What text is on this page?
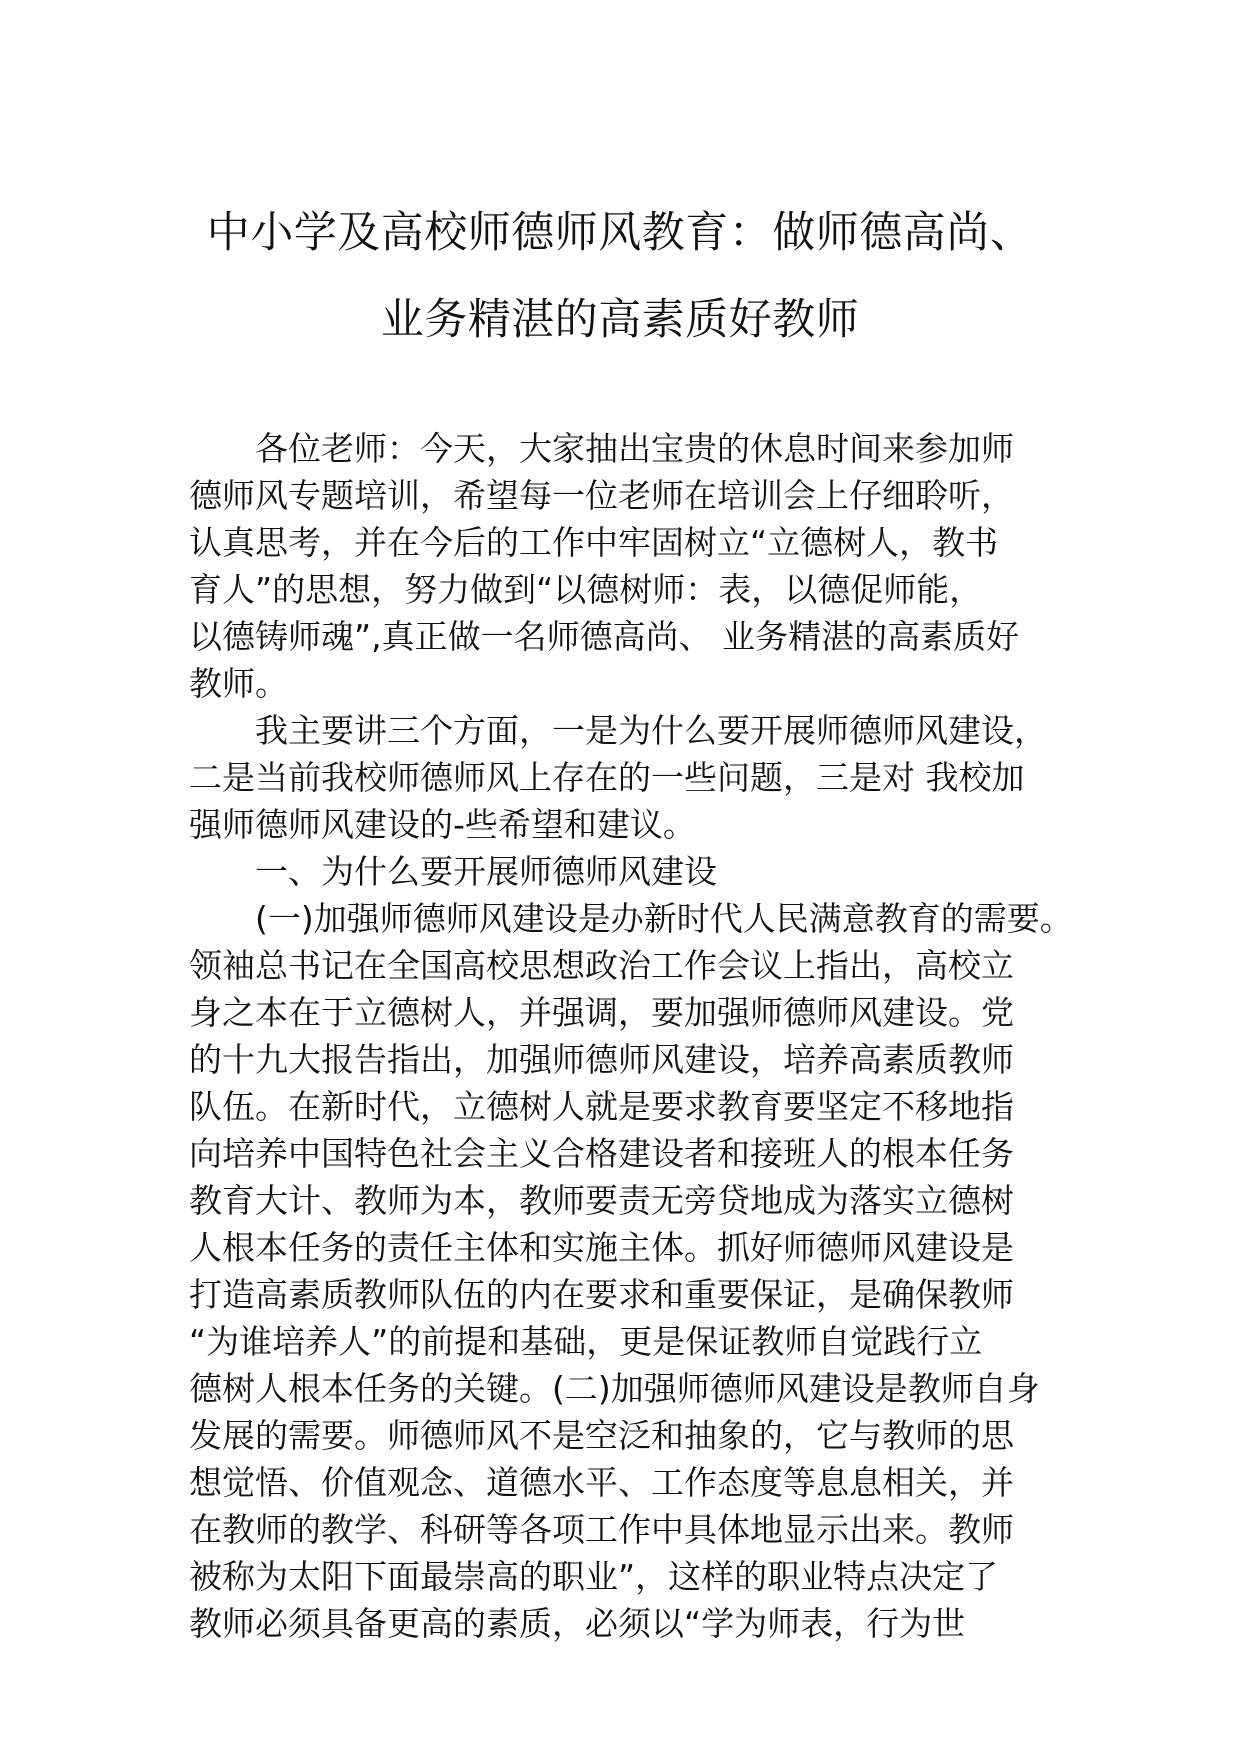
中小学及高校师德师风教育：做师德高尚、
业务精湛的高素质好教师
各位老师：今天，大家抽出宝贵的休息时间来参加师
德师风专题培训，希望每一位老师在培训会上仔细聆听，
认真思考，并在今后的工作中牢固树立“立德树人，教书
育人”的思想，努力做到“以德树师：表，以德促师能，
以德铸师魂”,真正做一名师德高尚、 业务精湛的高素质好
教师。
我主要讲三个方面，一是为什么要开展师德师风建设，
二是当前我校师德师风上存在的一些问题，三是对 我校加
强师德师风建设的-些希望和建议。
一、为什么要开展师德师风建设
(一)加强师德师风建设是办新时代人民满意教育的需要。
领袖总书记在全国高校思想政治工作会议上指出，高校立
身之本在于立德树人，并强调，要加强师德师风建设。党
的十九大报告指出，加强师德师风建设，培养高素质教师
队伍。在新时代，立德树人就是要求教育要坚定不移地指
向培养中国特色社会主义合格建设者和接班人的根本任务
教育大计、教师为本，教师要责无旁贷地成为落实立德树
人根本任务的责任主体和实施主体。抓好师德师风建设是
打造高素质教师队伍的内在要求和重要保证，是确保教师
“为谁培养人”的前提和基础，更是保证教师自觉践行立
德树人根本任务的关键。(二)加强师德师风建设是教师自身
发展的需要。师德师风不是空泛和抽象的，它与教师的思
想觉悟、价值观念、道德水平、工作态度等息息相关，并
在教师的教学、科研等各项工作中具体地显示出来。教师
被称为太阳下面最崇高的职业”，这样的职业特点决定了
教师必须具备更高的素质，必须以“学为师表，行为世
